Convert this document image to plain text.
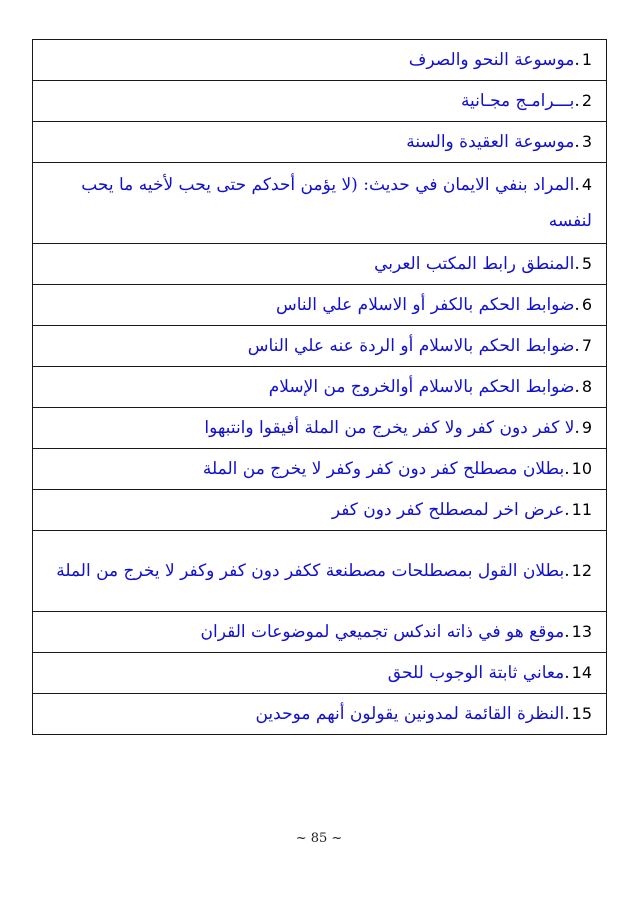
1.موسوعة النحو والصرف
2.بـــرامـج مجـانية
3.موسوعة العقيدة والسنة
4.المراد بنفي الايمان في حديث: (لا يؤمن أحدكم حتى يحب لأخيه ما يحب لنفسه
5.المنطق رابط المكتب العربي
6.ضوابط الحكم بالكفر أو الاسلام علي الناس
7.ضوابط الحكم بالاسلام أو الردة عنه علي الناس
8.ضوابط الحكم بالاسلام أوالخروج من الإسلام
9.لا كفر دون كفر ولا كفر يخرج من الملة أفيقوا وانتبهوا
10.بطلان مصطلح كفر دون كفر وكفر لا يخرج من الملة
11.عرض اخر لمصطلح كفر دون كفر
12.بطلان القول بمصطلحات مصطنعة ككفر دون كفر وكفر لا يخرج من الملة
13.موقع هو في ذاته اندكس تجميعي لموضوعات القران
14.معاني ثابتة الوجوب للحق
15.النظرة القائمة لمدونين يقولون أنهم موحدين
~ 85 ~
